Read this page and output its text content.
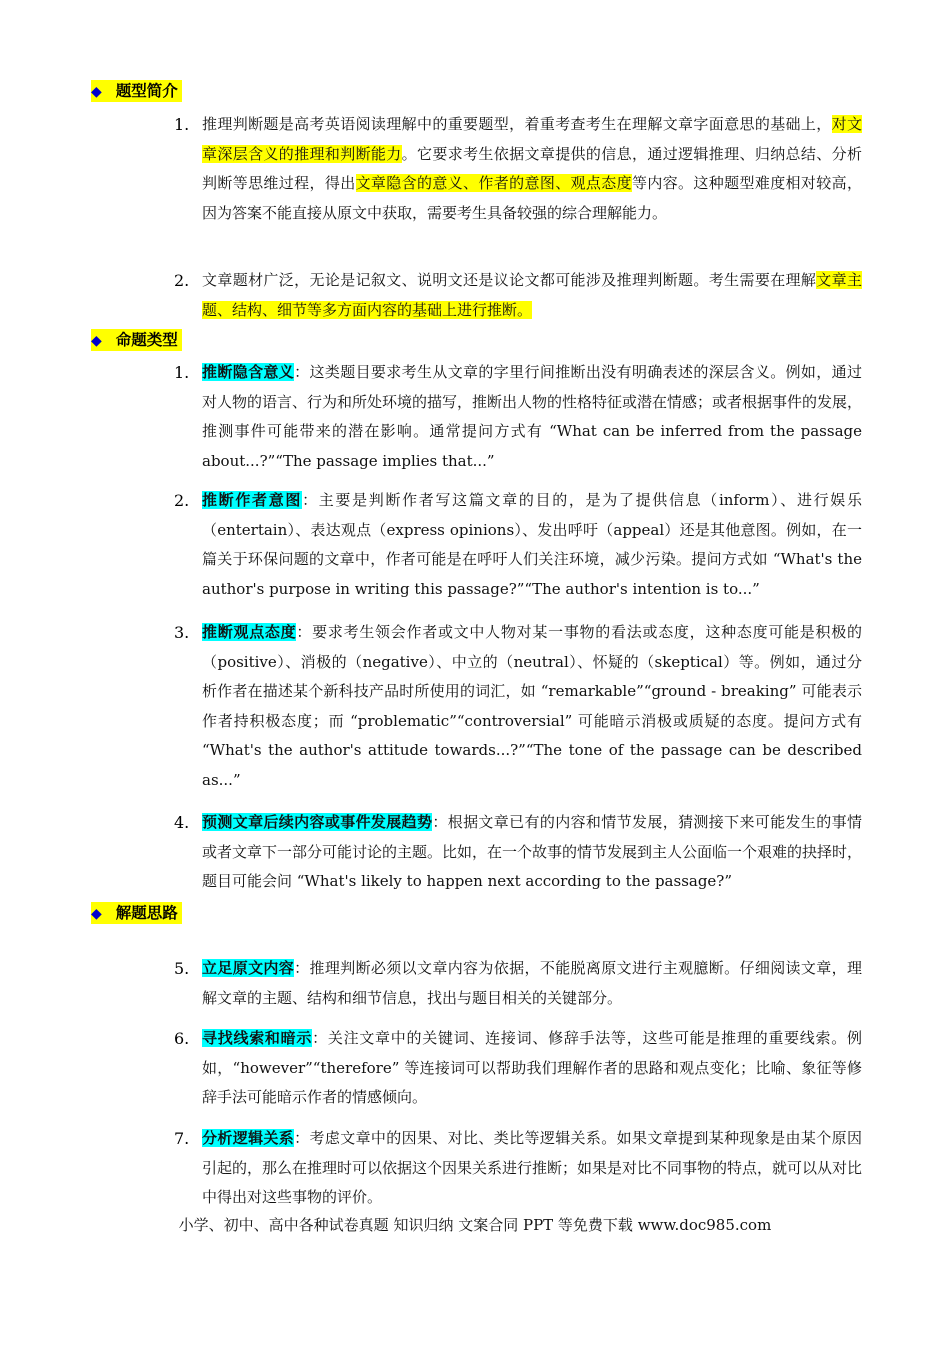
◆ 题型简介
1. 推理判断题是高考英语阅读理解中的重要题型，着重考查考生在理解文章字面意思的基础上，对文章深层含义的推理和判断能力。它要求考生依据文章提供的信息，通过逻辑推理、归纳总结、分析判断等思维过程，得出文章隐含的意义、作者的意图、观点态度等内容。这种题型难度相对较高，因为答案不能直接从原文中获取，需要考生具备较强的综合理解能力。
2. 文章题材广泛，无论是记叙文、说明文还是议论文都可能涉及推理判断题。考生需要在理解文章主题、结构、细节等多方面内容的基础上进行推断。
◆ 命题类型
1. 推断隐含意义：这类题目要求考生从文章的字里行间推断出没有明确表述的深层含义。例如，通过对人物的语言、行为和所处环境的描写，推断出人物的性格特征或潜在情感；或者根据事件的发展，推测事件可能带来的潜在影响。通常提问方式有 “What can be inferred from the passage about...?”“The passage implies that...”
2. 推断作者意图：主要是判断作者写这篇文章的目的，是为了提供信息（inform）、进行娱乐（entertain）、表达观点（express opinions）、发出呼吁（appeal）还是其他意图。例如，在一篇关于环保问题的文章中，作者可能是在呼吁人们关注环境，减少污染。提问方式如 “What's the author's purpose in writing this passage?”“The author's intention is to...”
3. 推断观点态度：要求考生领会作者或文中人物对某一事物的看法或态度，这种态度可能是积极的（positive）、消极的（negative）、中立的（neutral）、怀疑的（skeptical）等。例如，通过分析作者在描述某个新科技产品时所使用的词汇，如 “remarkable”“ground - breaking” 可能表示作者持积极态度；而 “problematic”“controversial” 可能暗示消极或质疑的态度。提问方式有 “What's the author's attitude towards...?”“The tone of the passage can be described as...”
4. 预测文章后续内容或事件发展趋势：根据文章已有的内容和情节发展，猜测接下来可能发生的事情或者文章下一部分可能讨论的主题。比如，在一个故事的情节发展到主人公面临一个艰难的抉择时，题目可能会问 “What's likely to happen next according to the passage?”
◆ 解题思路
5. 立足原文内容：推理判断必须以文章内容为依据，不能脱离原文进行主观臆断。仔细阅读文章，理解文章的主题、结构和细节信息，找出与题目相关的关键部分。
6. 寻找线索和暗示：关注文章中的关键词、连接词、修辞手法等，这些可能是推理的重要线索。例如，“however”“therefore” 等连接词可以帮助我们理解作者的思路和观点变化；比喻、象征等修辞手法可能暗示作者的情感倾向。
7. 分析逻辑关系：考虑文章中的因果、对比、类比等逻辑关系。如果文章提到某种现象是由某个原因引起的，那么在推理时可以依据这个因果关系进行推断；如果是对比不同事物的特点，就可以从对比中得出对这些事物的评价。
小学、初中、高中各种试卷真题 知识归纳 文案合同 PPT 等免费下载 www.doc985.com
